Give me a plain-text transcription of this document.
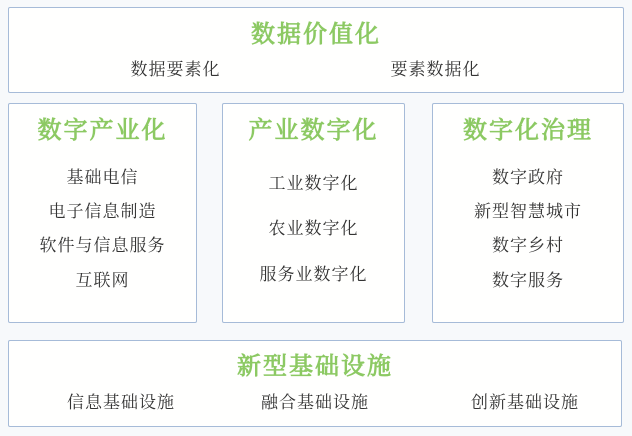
数据价值化
数据要素化	要素数据化
数字产业化
基础电信
电子信息制造
软件与信息服务
互联网
产业数字化
工业数字化
农业数字化
服务业数字化
数字化治理
数字政府
新型智慧城市
数字乡村
数字服务
新型基础设施
信息基础设施	融合基础设施	创新基础设施
